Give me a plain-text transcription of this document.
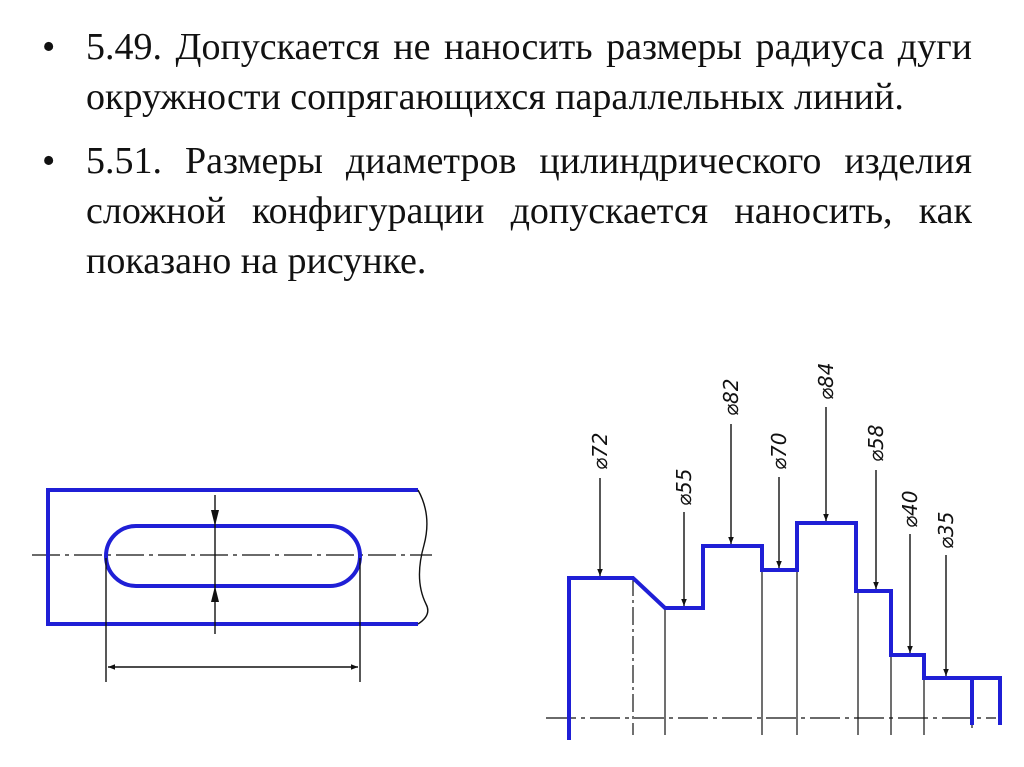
• 5.49. Допускается не наносить размеры радиуса дуги окружности сопрягающихся параллельных линий.
• 5.51. Размеры диаметров цилиндрического изделия сложной конфигурации допускается наносить, как показано на рисунке.
⌀72
⌀55
⌀82
⌀70
⌀84
⌀58
⌀40
⌀35
